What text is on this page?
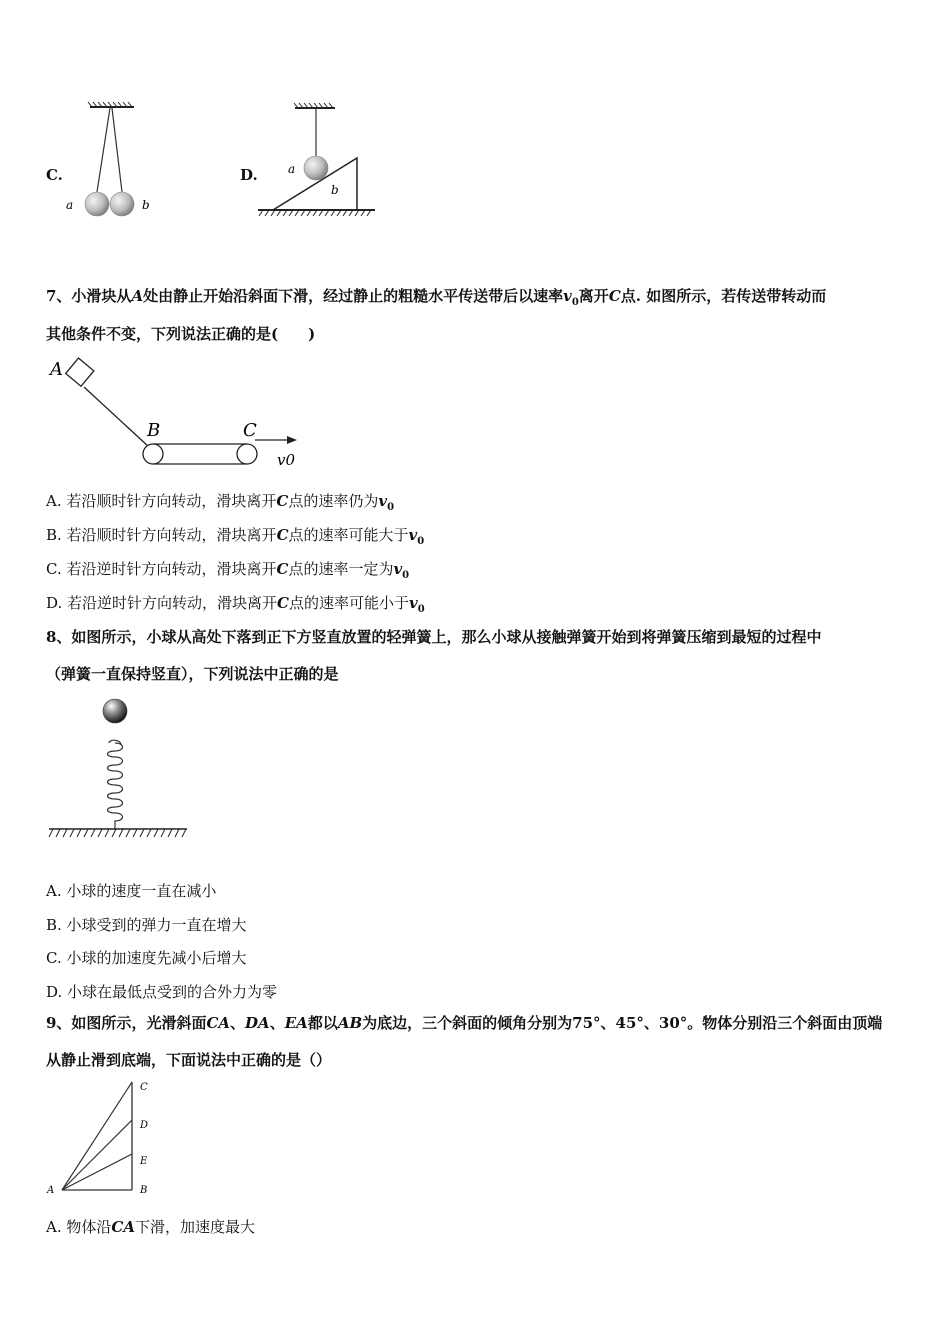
C.
a	b
D.	a
b
7、小滑块从A处由静止开始沿斜面下滑，经过静止的粗糙水平传送带后以速率$v_0$离开C点. 如图所示，若传送带转动而
其他条件不变，下列说法正确的是(　　)
A
B	C
v0
A. 若沿顺时针方向转动，滑块离开C点的速率仍为$v_0$
B. 若沿顺时针方向转动，滑块离开C点的速率可能大于$v_0$
C. 若沿逆时针方向转动，滑块离开C点的速率一定为$v_0$
D. 若沿逆时针方向转动，滑块离开C点的速率可能小于$v_0$
8、如图所示，小球从高处下落到正下方竖直放置的轻弹簧上，那么小球从接触弹簧开始到将弹簧压缩到最短的过程中
（弹簧一直保持竖直），下列说法中正确的是
A. 小球的速度一直在减小
B. 小球受到的弹力一直在增大
C. 小球的加速度先减小后增大
D. 小球在最低点受到的合外力为零
9、如图所示，光滑斜面CA、DA、EA都以AB为底边，三个斜面的倾角分别为75°、45°、30°。物体分别沿三个斜面由顶端
从静止滑到底端，下面说法中正确的是（）
A	B
C
D
E
A. 物体沿CA下滑，加速度最大
